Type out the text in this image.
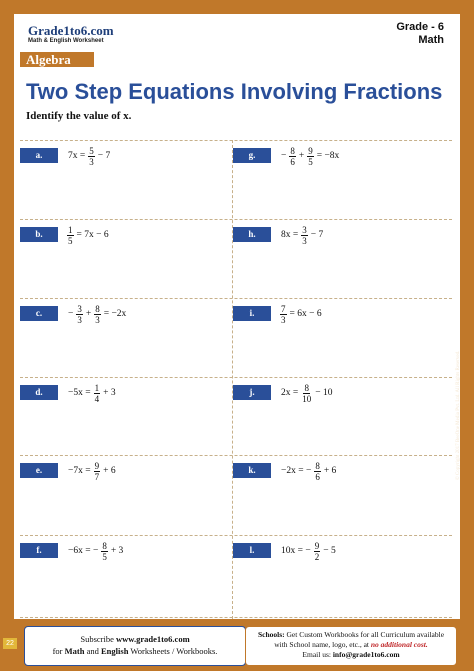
Grade1to6.com
Math & English Worksheet
Grade - 6
Math
Algebra
Two Step Equations Involving Fractions
Identify the value of x.
a.	$7x = \frac{5}{3} - 7$	g.	− $\frac{8}{6} + \frac{9}{5} = -8x$
b.	$\frac{1}{5} = 7x - 6$	h.	$8x = \frac{3}{3} - 7$
c.	− $\frac{3}{3} + \frac{8}{3} = -2x$	i.	$\frac{7}{3} = 6x - 6$
d.	$-5x = \frac{1}{4} + 3$	j.	$2x = \frac{8}{10} - 10$
e.	$-7x = \frac{9}{7} + 6$	k.	−2x = − $\frac{8}{6} + 6$
f.	−6x = − $\frac{8}{5} + 3$	l.	10x = − $\frac{9}{2} - 5$
© Copyright 2017 BeeOne Media Pvt. Ltd. All Rights Reserved.
22	Subscribe www.grade1to6.com
for Math and English Worksheets / Workbooks.
Schools: Get Custom Workbooks for all Curriculum available
with School name, logo, etc., at no additional cost.
Email us: info@grade1to6.com
